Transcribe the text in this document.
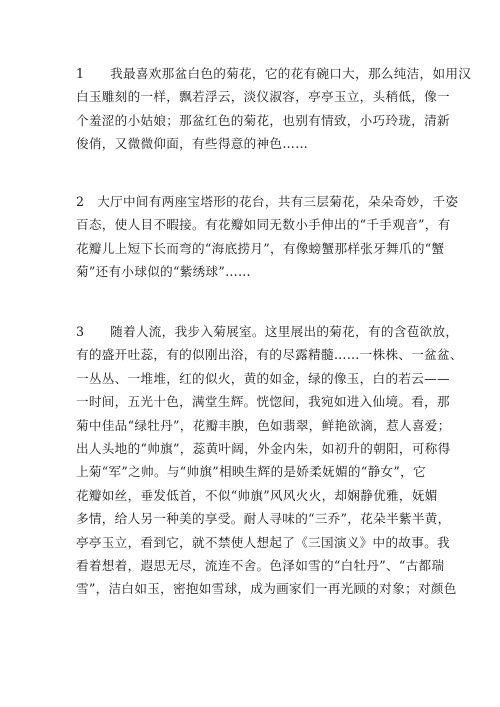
1　　我最喜欢那盆白色的菊花，它的花有碗口大，那么纯洁，如用汉
白玉雕刻的一样，飘若浮云，淡仪淑容，亭亭玉立，头稍低，像一
个羞涩的小姑娘；那盆红色的菊花，也别有情致，小巧玲珑，清新
俊俏，又微微仰面，有些得意的神色……
2　大厅中间有两座宝塔形的花台，共有三层菊花，朵朵奇妙，千姿
百态，使人目不暇接。有花瓣如同无数小手伸出的“千手观音”，有
花瓣儿上短下长而弯的“海底捞月”，有像螃蟹那样张牙舞爪的“蟹
菊”还有小球似的“紫绣球”……
3　　随着人流，我步入菊展室。这里展出的菊花，有的含苞欲放，
有的盛开吐蕊，有的似刚出浴，有的尽露精髓……一株株、一盆盆、
一丛丛、一堆堆，红的似火，黄的如金，绿的像玉，白的若云——
一时间，五光十色，满堂生辉。恍惚间，我宛如进入仙境。看，那
菊中佳品“绿牡丹”，花瓣丰腴，色如翡翠，鲜艳欲滴，惹人喜爱；
出人头地的“帅旗”，蕊黄叶阔，外金内朱，如初升的朝阳，可称得
上菊“军”之帅。与“帅旗”相映生辉的是娇柔妩媚的“静女”，它
花瓣如丝，垂发低首，不似“帅旗”风风火火，却娴静优雅，妩媚
多情，给人另一种美的享受。耐人寻味的“三乔”，花朵半紫半黄，
亭亭玉立，看到它，就不禁使人想起了《三国演义》中的故事。我
看着想着，遐思无尽，流连不舍。色泽如雪的“白牡丹”、“古都瑞
雪”，洁白如玉，密抱如雪球，成为画家们一再光顾的对象；对颜色
